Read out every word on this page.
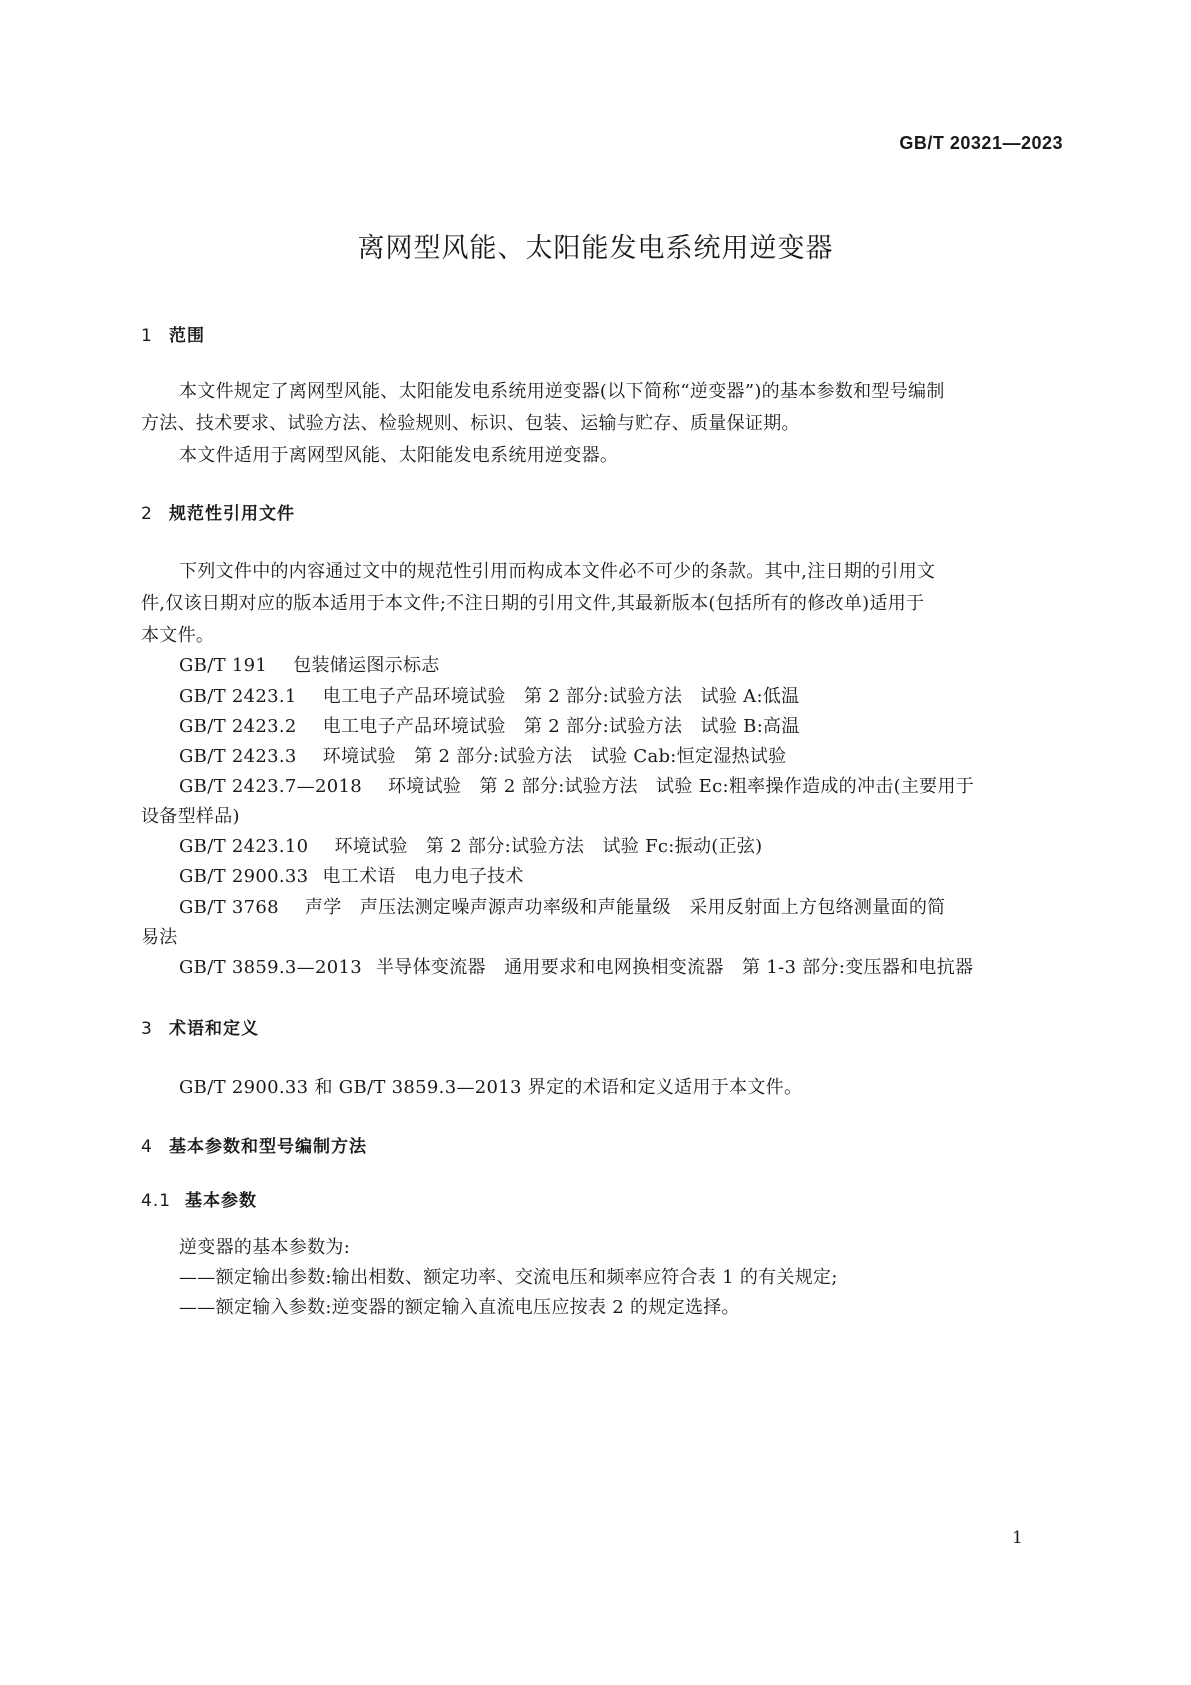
GB/T 20321—2023
离网型风能、太阳能发电系统用逆变器
1 范围
本文件规定了离网型风能、太阳能发电系统用逆变器(以下简称“逆变器”)的基本参数和型号编制
方法、技术要求、试验方法、检验规则、标识、包装、运输与贮存、质量保证期。
本文件适用于离网型风能、太阳能发电系统用逆变器。
2 规范性引用文件
下列文件中的内容通过文中的规范性引用而构成本文件必不可少的条款。其中,注日期的引用文
件,仅该日期对应的版本适用于本文件;不注日期的引用文件,其最新版本(包括所有的修改单)适用于
本文件。
GB/T 191 包装储运图示标志
GB/T 2423.1 电工电子产品环境试验　第 2 部分:试验方法　试验 A:低温
GB/T 2423.2 电工电子产品环境试验　第 2 部分:试验方法　试验 B:高温
GB/T 2423.3 环境试验　第 2 部分:试验方法　试验 Cab:恒定湿热试验
GB/T 2423.7—2018 环境试验　第 2 部分:试验方法　试验 Ec:粗率操作造成的冲击(主要用于
设备型样品)
GB/T 2423.10 环境试验　第 2 部分:试验方法　试验 Fc:振动(正弦)
GB/T 2900.33 电工术语　电力电子技术
GB/T 3768 声学　声压法测定噪声源声功率级和声能量级　采用反射面上方包络测量面的简
易法
GB/T 3859.3—2013 半导体变流器　通用要求和电网换相变流器　第 1-3 部分:变压器和电抗器
3 术语和定义
GB/T 2900.33 和 GB/T 3859.3—2013 界定的术语和定义适用于本文件。
4 基本参数和型号编制方法
4.1 基本参数
逆变器的基本参数为:
——额定输出参数:输出相数、额定功率、交流电压和频率应符合表 1 的有关规定;
——额定输入参数:逆变器的额定输入直流电压应按表 2 的规定选择。
1
